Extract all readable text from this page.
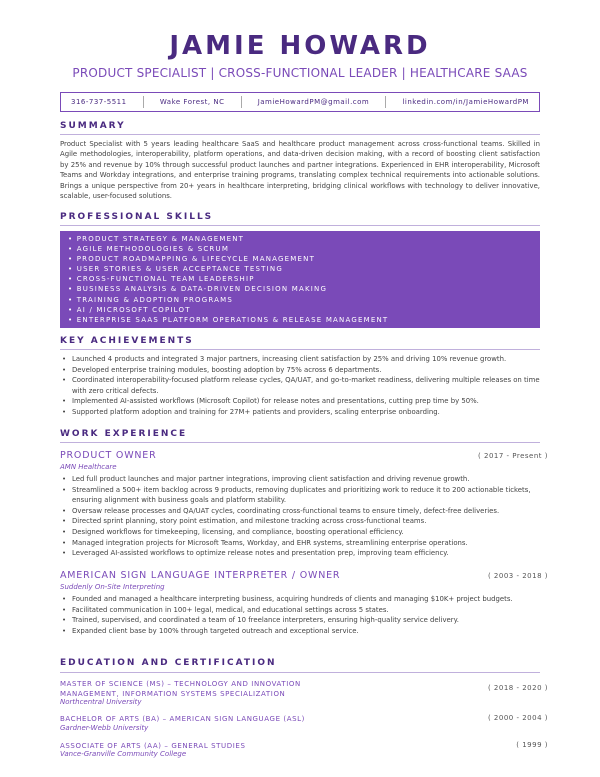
JAMIE HOWARD
PRODUCT SPECIALIST | CROSS-FUNCTIONAL LEADER | HEALTHCARE SAAS
316-737-5511	Wake Forest, NC	JamieHowardPM@gmail.com	linkedin.com/in/JamieHowardPM
SUMMARY
Product Specialist with 5 years leading healthcare SaaS and healthcare product management across cross-functional teams. Skilled in Agile methodologies, interoperability, platform operations, and data-driven decision making, with a record of boosting client satisfaction by 25% and revenue by 10% through successful product launches and partner integrations. Experienced in EHR interoperability, Microsoft Teams and Workday integrations, and enterprise training programs, translating complex technical requirements into actionable solutions. Brings a unique perspective from 20+ years in healthcare interpreting, bridging clinical workflows with technology to deliver innovative, scalable, user-focused solutions.
PROFESSIONAL SKILLS
• PRODUCT STRATEGY & MANAGEMENT
• AGILE METHODOLOGIES & SCRUM
• PRODUCT ROADMAPPING & LIFECYCLE MANAGEMENT
• USER STORIES & USER ACCEPTANCE TESTING
• CROSS-FUNCTIONAL TEAM LEADERSHIP
• BUSINESS ANALYSIS & DATA-DRIVEN DECISION MAKING
• TRAINING & ADOPTION PROGRAMS
• AI / MICROSOFT COPILOT
• ENTERPRISE SAAS PLATFORM OPERATIONS & RELEASE MANAGEMENT
KEY ACHIEVEMENTS
• Launched 4 products and integrated 3 major partners, increasing client satisfaction by 25% and driving 10% revenue growth.
• Developed enterprise training modules, boosting adoption by 75% across 6 departments.
• Coordinated interoperability-focused platform release cycles, QA/UAT, and go-to-market readiness, delivering multiple releases on time with zero critical defects.
• Implemented AI-assisted workflows (Microsoft Copilot) for release notes and presentations, cutting prep time by 50%.
• Supported platform adoption and training for 27M+ patients and providers, scaling enterprise onboarding.
WORK EXPERIENCE
PRODUCT OWNER	( 2017 - Present )
AMN Healthcare
• Led full product launches and major partner integrations, improving client satisfaction and driving revenue growth.
• Streamlined a 500+ item backlog across 9 products, removing duplicates and prioritizing work to reduce it to 200 actionable tickets, ensuring alignment with business goals and platform stability.
• Oversaw release processes and QA/UAT cycles, coordinating cross-functional teams to ensure timely, defect-free deliveries.
• Directed sprint planning, story point estimation, and milestone tracking across cross-functional teams.
• Designed workflows for timekeeping, licensing, and compliance, boosting operational efficiency.
• Managed integration projects for Microsoft Teams, Workday, and EHR systems, streamlining enterprise operations.
• Leveraged AI-assisted workflows to optimize release notes and presentation prep, improving team efficiency.
AMERICAN SIGN LANGUAGE INTERPRETER / OWNER	( 2003 - 2018 )
Suddenly On-Site Interpreting
• Founded and managed a healthcare interpreting business, acquiring hundreds of clients and managing $10K+ project budgets.
• Facilitated communication in 100+ legal, medical, and educational settings across 5 states.
• Trained, supervised, and coordinated a team of 10 freelance interpreters, ensuring high-quality service delivery.
• Expanded client base by 100% through targeted outreach and exceptional service.
EDUCATION AND CERTIFICATION
MASTER OF SCIENCE (MS) – TECHNOLOGY AND INNOVATION MANAGEMENT, INFORMATION SYSTEMS SPECIALIZATION
( 2018 - 2020 )
Northcentral University
BACHELOR OF ARTS (BA) – AMERICAN SIGN LANGUAGE (ASL)	( 2000 - 2004 )
Gardner-Webb University
ASSOCIATE OF ARTS (AA) – GENERAL STUDIES	( 1999 )
Vance-Granville Community College
